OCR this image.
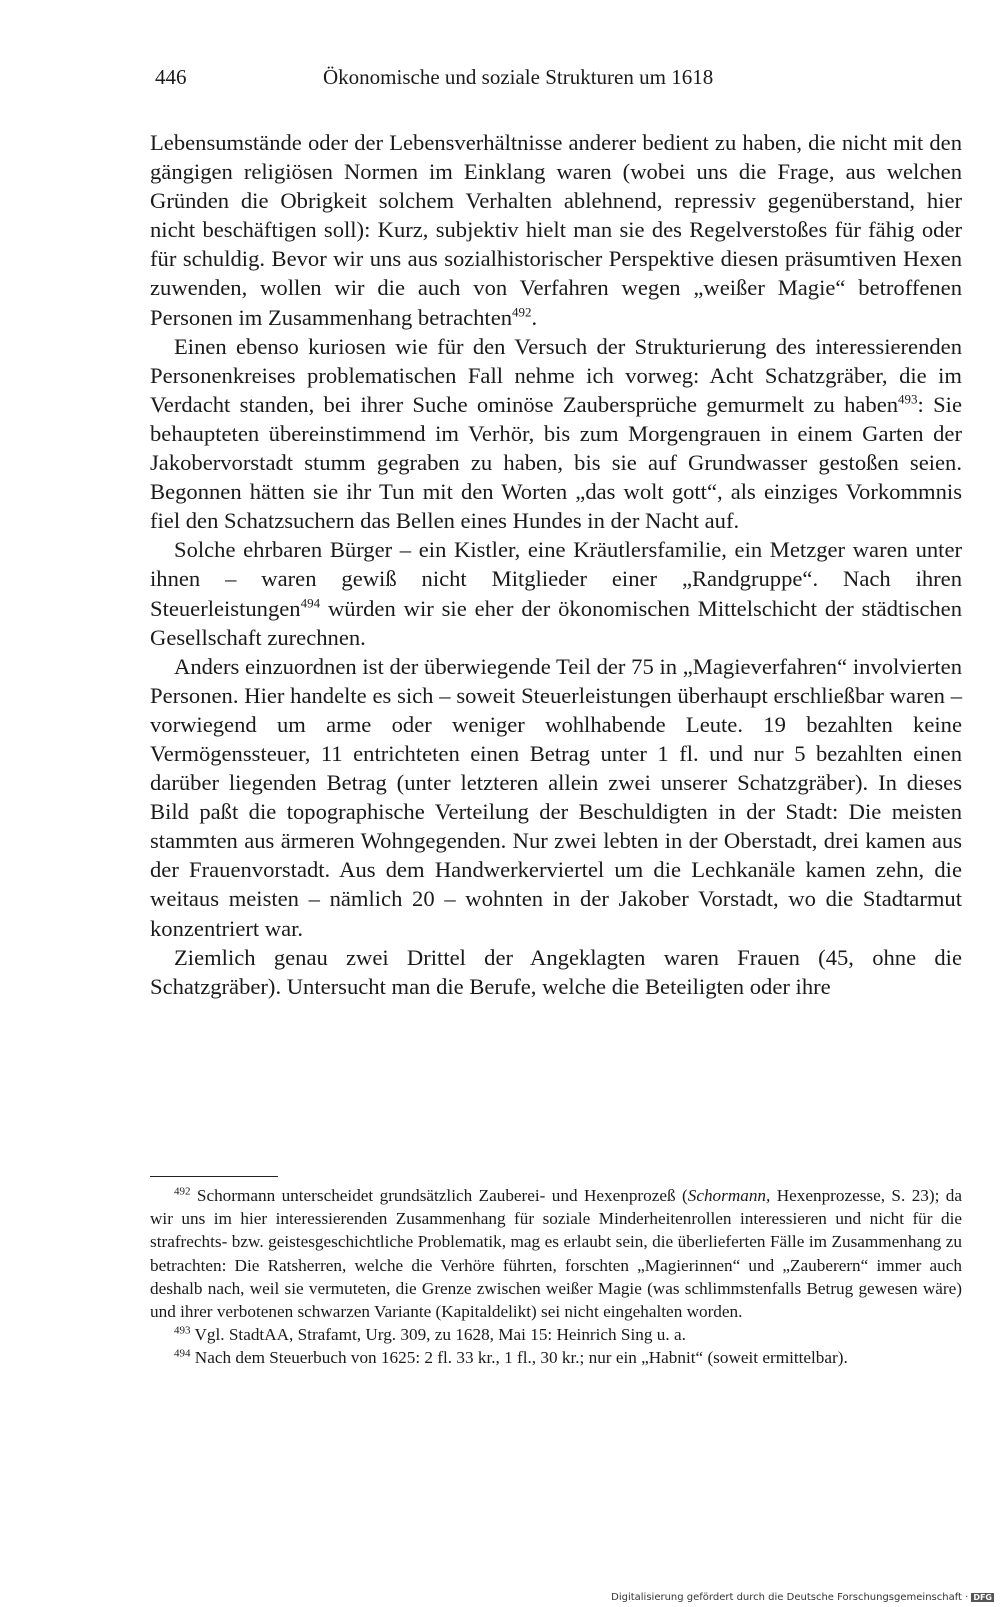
446	Ökonomische und soziale Strukturen um 1618

Lebensumstände oder der Lebensverhältnisse anderer bedient zu haben, die nicht mit den gängigen religiösen Normen im Einklang waren (wobei uns die Frage, aus welchen Gründen die Obrigkeit solchem Verhalten ablehnend, repressiv gegenüberstand, hier nicht beschäftigen soll): Kurz, subjektiv hielt man sie des Regelverstoßes für fähig oder für schuldig. Bevor wir uns aus sozialhistorischer Perspektive diesen präsumtiven Hexen zuwenden, wollen wir die auch von Verfahren wegen „weißer Magie“ betroffenen Personen im Zusammenhang betrachten$^{492}$.

Einen ebenso kuriosen wie für den Versuch der Strukturierung des interessierenden Personenkreises problematischen Fall nehme ich vorweg: Acht Schatzgräber, die im Verdacht standen, bei ihrer Suche ominöse Zaubersprüche gemurmelt zu haben$^{493}$: Sie behaupteten übereinstimmend im Verhör, bis zum Morgengrauen in einem Garten der Jakobervorstadt stumm gegraben zu haben, bis sie auf Grundwasser gestoßen seien. Begonnen hätten sie ihr Tun mit den Worten „das wolt gott“, als einziges Vorkommnis fiel den Schatzsuchern das Bellen eines Hundes in der Nacht auf.

Solche ehrbaren Bürger – ein Kistler, eine Kräutlersfamilie, ein Metzger waren unter ihnen – waren gewiß nicht Mitglieder einer „Randgruppe“. Nach ihren Steuerleistungen$^{494}$ würden wir sie eher der ökonomischen Mittelschicht der städtischen Gesellschaft zurechnen.

Anders einzuordnen ist der überwiegende Teil der 75 in „Magieverfahren“ involvierten Personen. Hier handelte es sich – soweit Steuerleistungen überhaupt erschließbar waren – vorwiegend um arme oder weniger wohlhabende Leute. 19 bezahlten keine Vermögenssteuer, 11 entrichteten einen Betrag unter 1 fl. und nur 5 bezahlten einen darüber liegenden Betrag (unter letzteren allein zwei unserer Schatzgräber). In dieses Bild paßt die topographische Verteilung der Beschuldigten in der Stadt: Die meisten stammten aus ärmeren Wohngegenden. Nur zwei lebten in der Oberstadt, drei kamen aus der Frauenvorstadt. Aus dem Handwerkerviertel um die Lechkanäle kamen zehn, die weitaus meisten – nämlich 20 – wohnten in der Jakober Vorstadt, wo die Stadtarmut konzentriert war.

Ziemlich genau zwei Drittel der Angeklagten waren Frauen (45, ohne die Schatzgräber). Untersucht man die Berufe, welche die Beteiligten oder ihre

$^{492}$ Schormann unterscheidet grundsätzlich Zauberei- und Hexenprozeß (Schormann, Hexenprozesse, S. 23); da wir uns im hier interessierenden Zusammenhang für soziale Minderheitenrollen interessieren und nicht für die strafrechts- bzw. geistesgeschichtliche Problematik, mag es erlaubt sein, die überlieferten Fälle im Zusammenhang zu betrachten: Die Ratsherren, welche die Verhöre führten, forschten „Magierinnen“ und „Zauberern“ immer auch deshalb nach, weil sie vermuteten, die Grenze zwischen weißer Magie (was schlimmstenfalls Betrug gewesen wäre) und ihrer verbotenen schwarzen Variante (Kapitaldelikt) sei nicht eingehalten worden.

$^{493}$ Vgl. StadtAA, Strafamt, Urg. 309, zu 1628, Mai 15: Heinrich Sing u. a.

$^{494}$ Nach dem Steuerbuch von 1625: 2 fl. 33 kr., 1 fl., 30 kr.; nur ein „Habnit“ (soweit ermittelbar).

Digitalisierung gefördert durch die Deutsche Forschungsgemeinschaft · DFG
